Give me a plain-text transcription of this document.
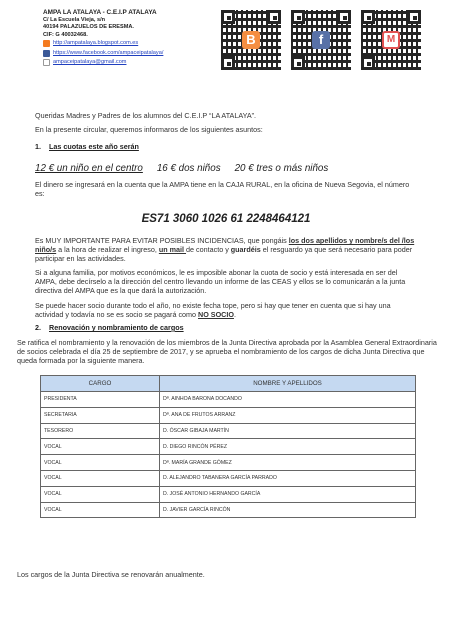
AMPA LA ATALAYA - C.E.I.P ATALAYA
C/ La Escuela Vieja, s/n
40194 PALAZUELOS DE ERESMA.
CIF: G 40032468.
http://ampatalaya.blogspot.com.es
https://www.facebook.com/ampaceipatalaya/
ampaceipatalaya@gmail.com
B	f	M
Queridas Madres y Padres de los alumnos del C.E.I.P “LA ATALAYA”.
En la presente circular, queremos informaros de los siguientes asuntos:
1. Las cuotas este año serán
12 € un niño en el centro 16 € dos niños 20 € tres o más niños
El dinero se ingresará en la cuenta que la AMPA tiene en la CAJA RURAL, en la oficina de Nueva Segovia, el número es:
ES71 3060 1026 61 2248464121
Es MUY IMPORTANTE PARA EVITAR POSIBLES INCIDENCIAS, que pongáis los dos apellidos y nombre/s del /los niño/s a la hora de realizar el ingreso, un mail de contacto y guardéis el resguardo ya que será necesario para poder participar en las actividades.
Si a alguna familia, por motivos económicos, le es imposible abonar la cuota de socio y está interesada en ser del AMPA, debe decírselo a la dirección del centro llevando un informe de las CEAS y ellos se lo comunicarán a la junta directiva del AMPA que es la que dará la autorización.
Se puede hacer socio durante todo el año, no existe fecha tope, pero si hay que tener en cuenta que si hay una actividad y todavía no se es socio se pagará como NO SOCIO.
2. Renovación y nombramiento de cargos
Se ratifica el nombramiento y la renovación de los miembros de la Junta Directiva aprobada por la Asamblea General Extraordinaria de socios celebrada el día 25 de septiembre de 2017, y se aprueba el nombramiento de los cargos de dicha Junta Directiva que queda formada por la siguiente manera.
CARGO	NOMBRE Y APELLIDOS
PRESIDENTA	Dª. AINHOA BARONA DOCANDO
SECRETARIA	Dª. ANA DE FRUTOS ARRANZ
TESORERO	D. ÓSCAR GIBAJA MARTÍN
VOCAL	D. DIEGO RINCÓN PÉREZ
VOCAL	Dª. MARÍA GRANDE GÓMEZ
VOCAL	D. ALEJANDRO TABANERA GARCÍA PARRADO
VOCAL	D. JOSÉ ANTONIO HERNANDO GARCÍA
VOCAL	D. JAVIER GARCÍA RINCÓN
Los cargos de la Junta Directiva se renovarán anualmente.
